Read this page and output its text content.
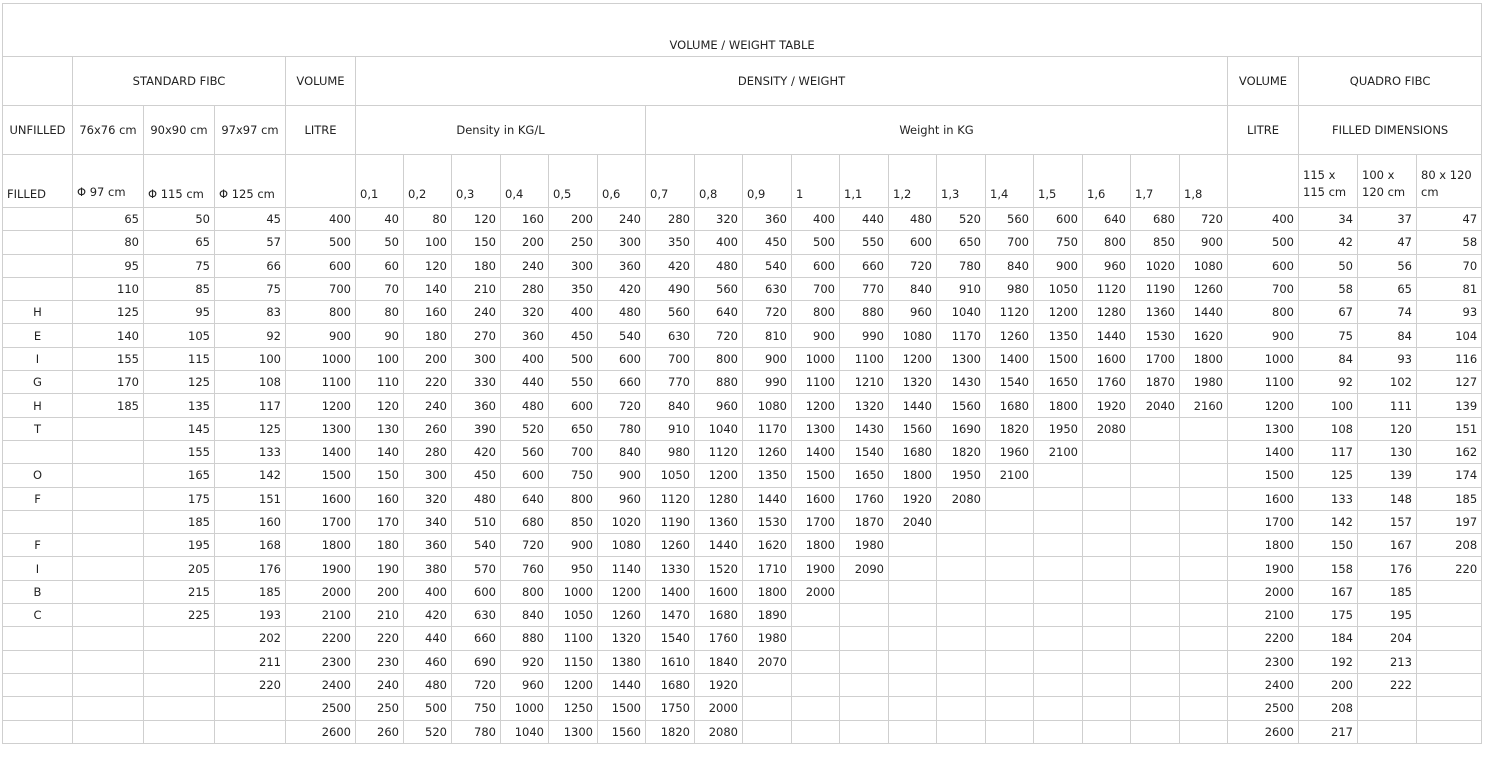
VOLUME / WEIGHT TABLE																										
	STANDARD FIBC			VOLUME	DENSITY / WEIGHT																		VOLUME	QUADRO FIBC		
UNFILLED	76x76 cm	90x90 cm	97x97 cm	LITRE	Density in KG/L						Weight in KG												LITRE	FILLED DIMENSIONS		
FILLED	Φ 97 cm	Φ 115 cm	Φ 125 cm		0,1	0,2	0,3	0,4	0,5	0,6	0,7	0,8	0,9	1	1,1	1,2	1,3	1,4	1,5	1,6	1,7	1,8		115 x 115 cm	100 x 120 cm	80 x 120 cm
	65	50	45	400	40	80	120	160	200	240	280	320	360	400	440	480	520	560	600	640	680	720	400	34	37	47
	80	65	57	500	50	100	150	200	250	300	350	400	450	500	550	600	650	700	750	800	850	900	500	42	47	58
	95	75	66	600	60	120	180	240	300	360	420	480	540	600	660	720	780	840	900	960	1020	1080	600	50	56	70
	110	85	75	700	70	140	210	280	350	420	490	560	630	700	770	840	910	980	1050	1120	1190	1260	700	58	65	81
H	125	95	83	800	80	160	240	320	400	480	560	640	720	800	880	960	1040	1120	1200	1280	1360	1440	800	67	74	93
E	140	105	92	900	90	180	270	360	450	540	630	720	810	900	990	1080	1170	1260	1350	1440	1530	1620	900	75	84	104
I	155	115	100	1000	100	200	300	400	500	600	700	800	900	1000	1100	1200	1300	1400	1500	1600	1700	1800	1000	84	93	116
G	170	125	108	1100	110	220	330	440	550	660	770	880	990	1100	1210	1320	1430	1540	1650	1760	1870	1980	1100	92	102	127
H	185	135	117	1200	120	240	360	480	600	720	840	960	1080	1200	1320	1440	1560	1680	1800	1920	2040	2160	1200	100	111	139
T		145	125	1300	130	260	390	520	650	780	910	1040	1170	1300	1430	1560	1690	1820	1950	2080			1300	108	120	151
		155	133	1400	140	280	420	560	700	840	980	1120	1260	1400	1540	1680	1820	1960	2100				1400	117	130	162
O		165	142	1500	150	300	450	600	750	900	1050	1200	1350	1500	1650	1800	1950	2100					1500	125	139	174
F		175	151	1600	160	320	480	640	800	960	1120	1280	1440	1600	1760	1920	2080						1600	133	148	185
		185	160	1700	170	340	510	680	850	1020	1190	1360	1530	1700	1870	2040							1700	142	157	197
F		195	168	1800	180	360	540	720	900	1080	1260	1440	1620	1800	1980								1800	150	167	208
I		205	176	1900	190	380	570	760	950	1140	1330	1520	1710	1900	2090								1900	158	176	220
B		215	185	2000	200	400	600	800	1000	1200	1400	1600	1800	2000									2000	167	185	
C		225	193	2100	210	420	630	840	1050	1260	1470	1680	1890										2100	175	195	
			202	2200	220	440	660	880	1100	1320	1540	1760	1980										2200	184	204	
			211	2300	230	460	690	920	1150	1380	1610	1840	2070										2300	192	213	
			220	2400	240	480	720	960	1200	1440	1680	1920											2400	200	222	
				2500	250	500	750	1000	1250	1500	1750	2000											2500	208		
				2600	260	520	780	1040	1300	1560	1820	2080											2600	217		
